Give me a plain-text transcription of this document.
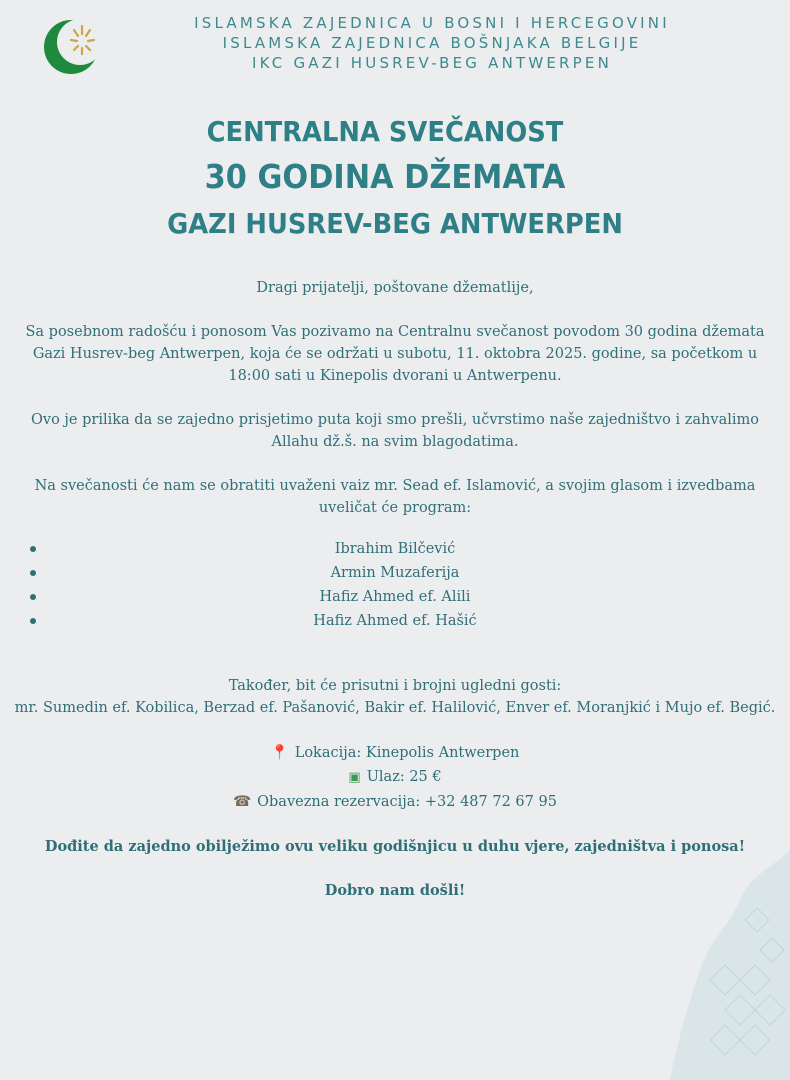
ISLAMSKA ZAJEDNICA U BOSNI I HERCEGOVINI
ISLAMSKA ZAJEDNICA BOŠNJAKA BELGIJE
IKC GAZI HUSREV-BEG ANTWERPEN
CENTRALNA SVEČANOST
30 GODINA DŽEMATA
GAZI HUSREV-BEG ANTWERPEN
Dragi prijatelji, poštovane džematlije,
Sa posebnom radošću i ponosom Vas pozivamo na Centralnu svečanost povodom 30 godina džemata Gazi Husrev-beg Antwerpen, koja će se održati u subotu, 11. oktobra 2025. godine, sa početkom u 18:00 sati u Kinepolis dvorani u Antwerpenu.
Ovo je prilika da se zajedno prisjetimo puta koji smo prešli, učvrstimo naše zajedništvo i zahvalimo Allahu dž.š. na svim blagodatima.
Na svečanosti će nam se obratiti uvaženi vaiz mr. Sead ef. Islamović, a svojim glasom i izvedbama uveličat će program:
Ibrahim Bilčević
Armin Muzaferija
Hafiz Ahmed ef. Alili
Hafiz Ahmed ef. Hašić
Također, bit će prisutni i brojni ugledni gosti:
mr. Sumedin ef. Kobilica, Berzad ef. Pašanović, Bakir ef. Halilović, Enver ef. Moranjkić i Mujo ef. Begić.
📍 Lokacija: Kinepolis Antwerpen
▣ Ulaz: 25 €
☎ Obavezna rezervacija: +32 487 72 67 95
Dođite da zajedno obilježimo ovu veliku godišnjicu u duhu vjere, zajedništva i ponosa!
Dobro nam došli!
